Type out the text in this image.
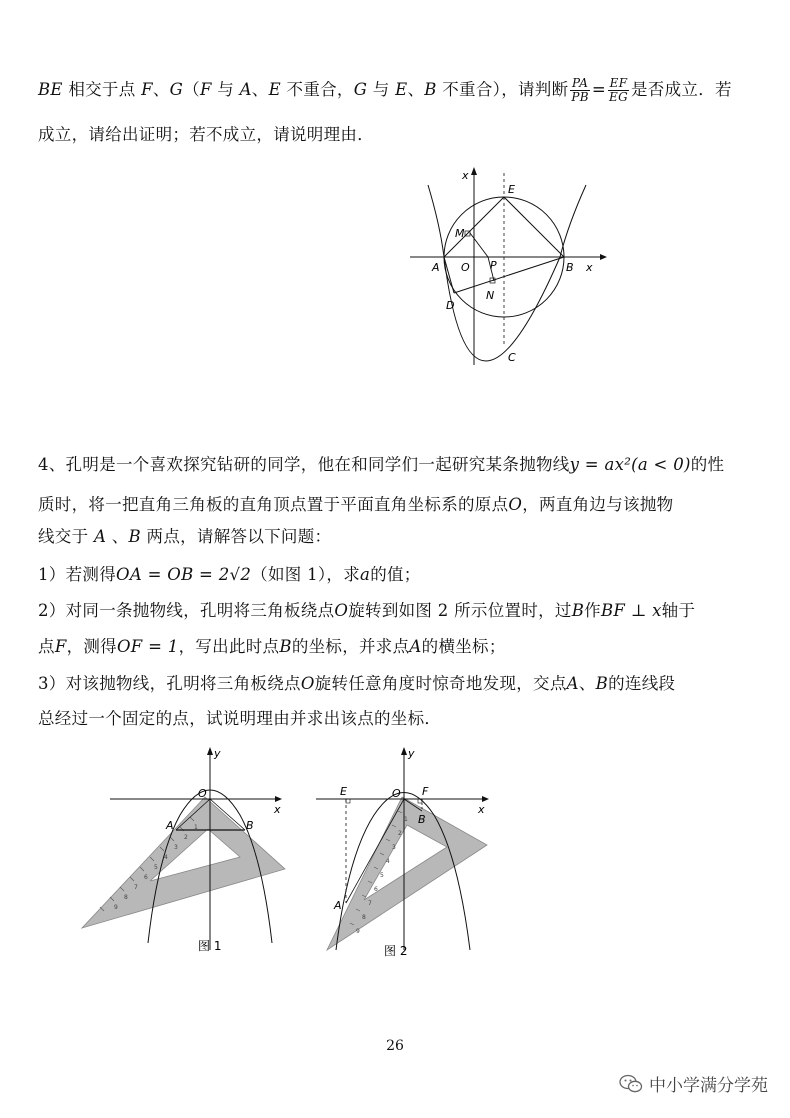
BE 相交于点 F、G（F 与 A、E 不重合，G 与 E、B 不重合），请判断 $\frac{PA}{PB} = \frac{EF}{EG}$ 是否成立．若
成立，请给出证明；若不成立，请说明理由．
x
E
M
A O P	B x
N
D
C
4、孔明是一个喜欢探究钻研的同学，他在和同学们一起研究某条抛物线y = ax²(a < 0)的性
质时，将一把直角三角板的直角顶点置于平面直角坐标系的原点O，两直角边与该抛物
线交于 A 、B 两点，请解答以下问题：
1）若测得OA = OB = 2√2（如图 1），求a的值；
2）对同一条抛物线，孔明将三角板绕点O旋转到如图 2 所示位置时，过B作BF ⊥ x轴于
点F，测得OF = 1，写出此时点B的坐标，并求点A的横坐标；
3）对该抛物线，孔明将三角板绕点O旋转任意角度时惊奇地发现，交点A、B的连线段
总经过一个固定的点，试说明理由并求出该点的坐标．
1
2
3
4
5
6
7
8
9
y
O
x
A	B
图 1
1
2
3
4
5
6
7
8
9
y
E	O F
x
B
A
图 2
26
中小学满分学苑
